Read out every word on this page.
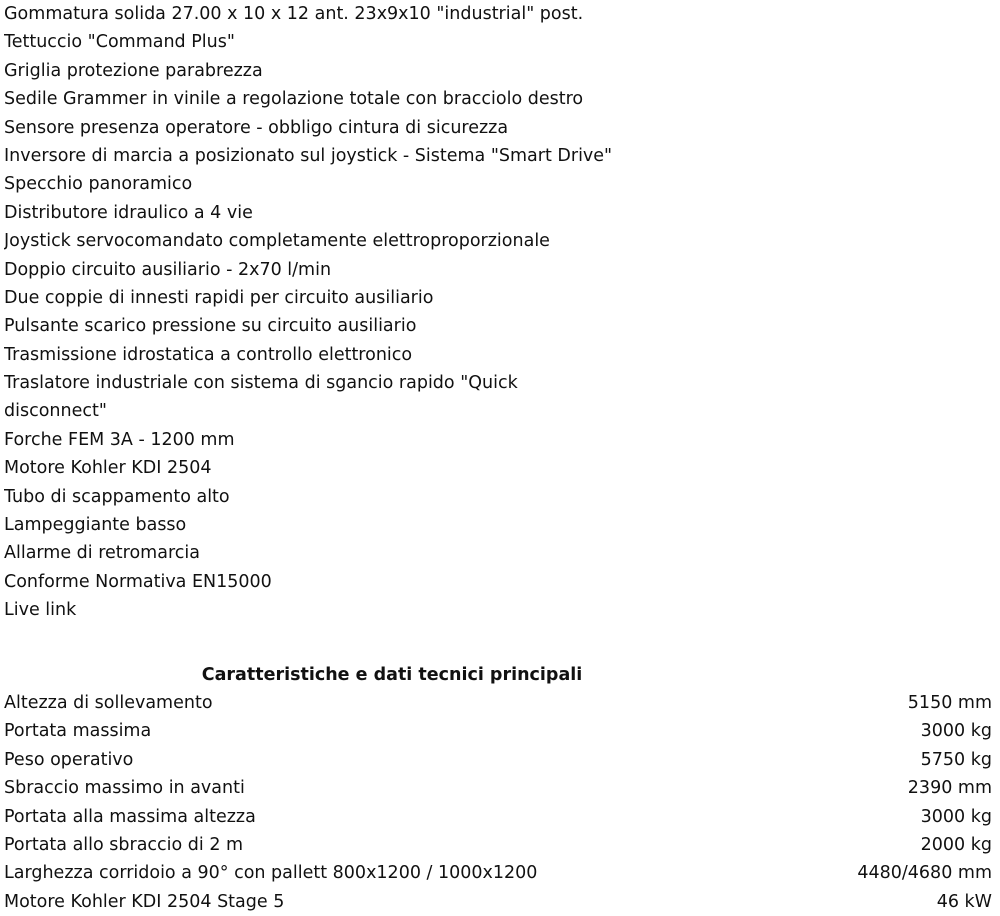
Gommatura solida 27.00 x 10 x 12 ant. 23x9x10 "industrial" post.
Tettuccio "Command Plus"
Griglia protezione parabrezza
Sedile Grammer in vinile a regolazione totale con bracciolo destro
Sensore presenza operatore - obbligo cintura di sicurezza
Inversore di marcia a posizionato sul joystick - Sistema "Smart Drive"
Specchio panoramico
Distributore idraulico a 4 vie
Joystick servocomandato completamente elettroproporzionale
Doppio circuito ausiliario - 2x70 l/min
Due coppie di innesti rapidi per circuito ausiliario
Pulsante scarico pressione su circuito ausiliario
Trasmissione idrostatica a controllo elettronico
Traslatore industriale con sistema di sgancio rapido "Quick
disconnect"
Forche FEM 3A - 1200 mm
Motore Kohler KDI 2504
Tubo di scappamento alto
Lampeggiante basso
Allarme di retromarcia
Conforme Normativa EN15000
Live link
Caratteristiche e dati tecnici principali
Altezza di sollevamento	5150 mm
Portata massima	3000 kg
Peso operativo	5750 kg
Sbraccio massimo in avanti	2390 mm
Portata alla massima altezza	3000 kg
Portata allo sbraccio di 2 m	2000 kg
Larghezza corridoio a 90° con pallett 800x1200 / 1000x1200	4480/4680 mm
Motore Kohler KDI 2504 Stage 5	46 kW
